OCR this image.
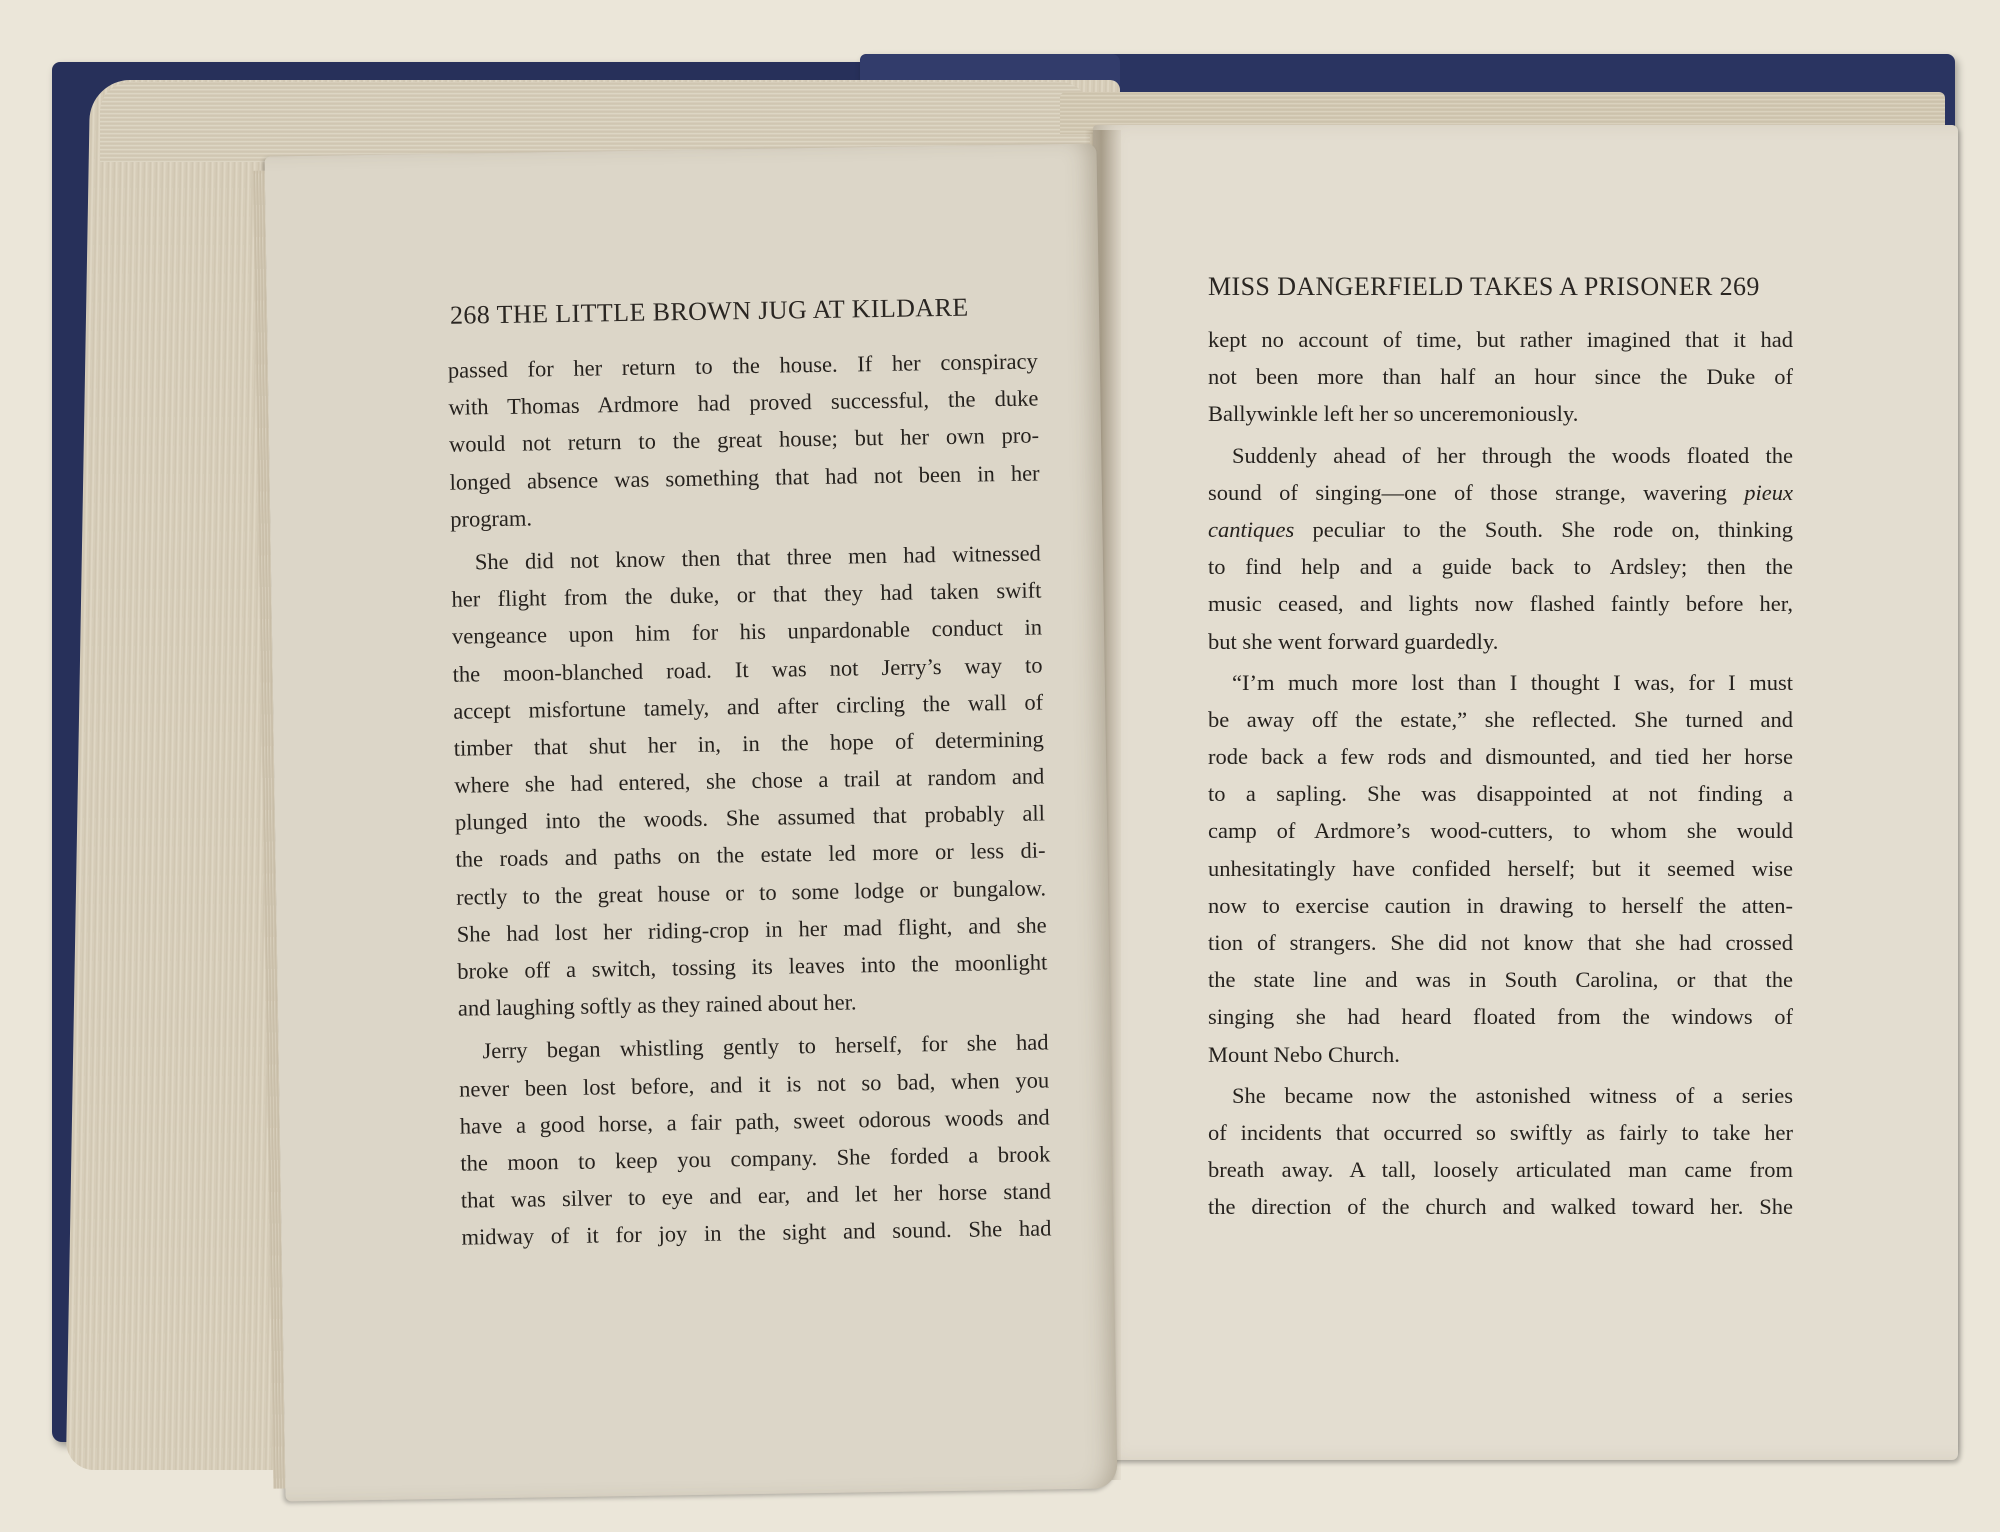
MISS DANGERFIELD TAKES A PRISONER 269
kept no account of time, but rather imagined that it had
not been more than half an hour since the Duke of
Ballywinkle left her so unceremoniously.
Suddenly ahead of her through the woods floated the
sound of singing—one of those strange, wavering pieux
cantiques peculiar to the South. She rode on, thinking
to find help and a guide back to Ardsley; then the
music ceased, and lights now flashed faintly before her,
but she went forward guardedly.
“I’m much more lost than I thought I was, for I must
be away off the estate,” she reflected. She turned and
rode back a few rods and dismounted, and tied her horse
to a sapling. She was disappointed at not finding a
camp of Ardmore’s wood-cutters, to whom she would
unhesitatingly have confided herself; but it seemed wise
now to exercise caution in drawing to herself the atten-
tion of strangers. She did not know that she had crossed
the state line and was in South Carolina, or that the
singing she had heard floated from the windows of
Mount Nebo Church.
She became now the astonished witness of a series
of incidents that occurred so swiftly as fairly to take her
breath away. A tall, loosely articulated man came from
the direction of the church and walked toward her. She
268 THE LITTLE BROWN JUG AT KILDARE
passed for her return to the house. If her conspiracy
with Thomas Ardmore had proved successful, the duke
would not return to the great house; but her own pro-
longed absence was something that had not been in her
program.
She did not know then that three men had witnessed
her flight from the duke, or that they had taken swift
vengeance upon him for his unpardonable conduct in
the moon-blanched road. It was not Jerry’s way to
accept misfortune tamely, and after circling the wall of
timber that shut her in, in the hope of determining
where she had entered, she chose a trail at random and
plunged into the woods. She assumed that probably all
the roads and paths on the estate led more or less di-
rectly to the great house or to some lodge or bungalow.
She had lost her riding-crop in her mad flight, and she
broke off a switch, tossing its leaves into the moonlight
and laughing softly as they rained about her.
Jerry began whistling gently to herself, for she had
never been lost before, and it is not so bad, when you
have a good horse, a fair path, sweet odorous woods and
the moon to keep you company. She forded a brook
that was silver to eye and ear, and let her horse stand
midway of it for joy in the sight and sound. She had
